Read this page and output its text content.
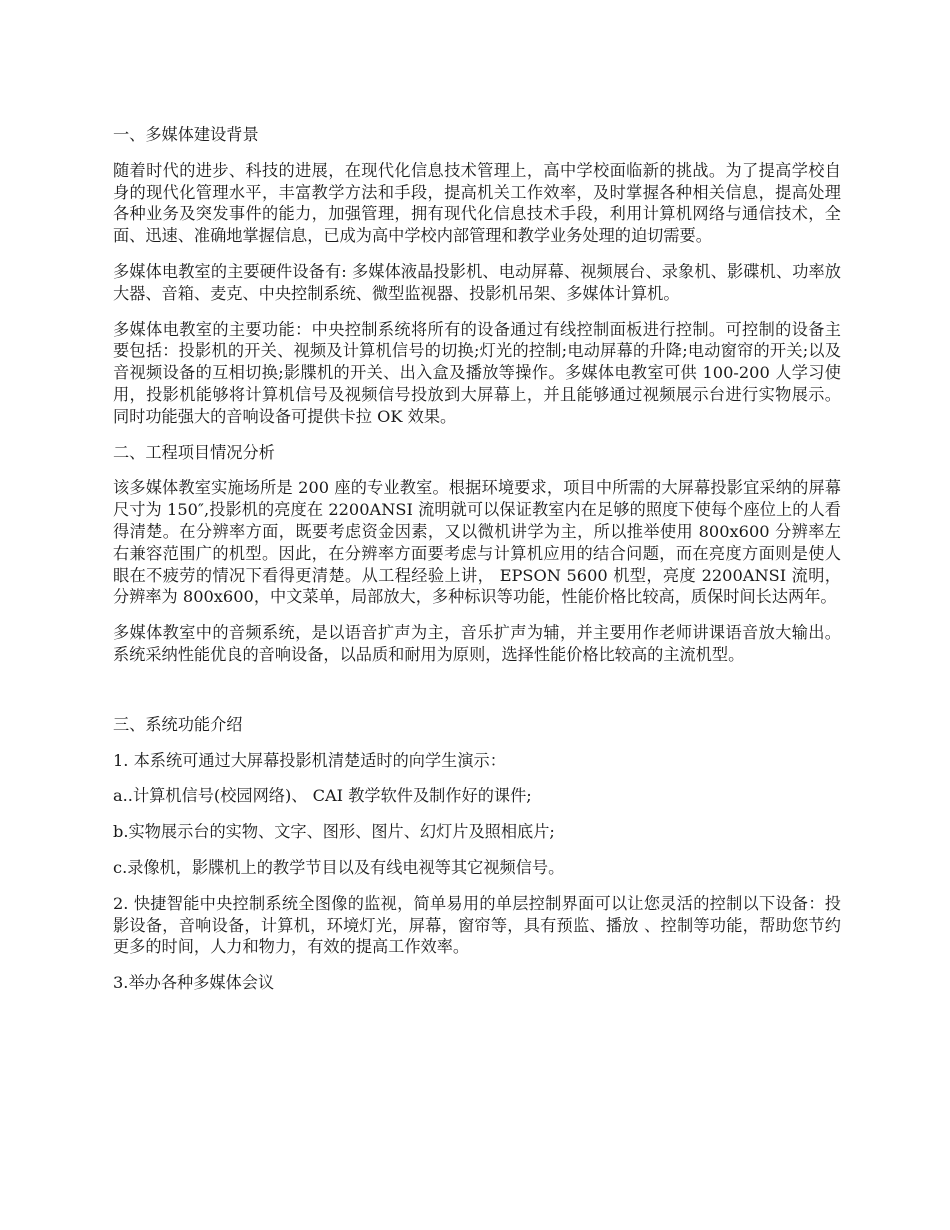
一、多媒体建设背景

随着时代的进步、科技的进展，在现代化信息技术管理上，高中学校面临新的挑战。为了提高学校自身的现代化管理水平，丰富教学方法和手段，提高机关工作效率，及时掌握各种相关信息，提高处理各种业务及突发事件的能力，加强管理，拥有现代化信息技术手段，利用计算机网络与通信技术，全面、迅速、准确地掌握信息，已成为高中学校内部管理和教学业务处理的迫切需要。

多媒体电教室的主要硬件设备有: 多媒体液晶投影机、电动屏幕、视频展台、录象机、影碟机、功率放大器、音箱、麦克、中央控制系统、微型监视器、投影机吊架、多媒体计算机。

多媒体电教室的主要功能：中央控制系统将所有的设备通过有线控制面板进行控制。可控制的设备主要包括：投影机的开关、视频及计算机信号的切换;灯光的控制;电动屏幕的升降;电动窗帘的开关;以及音视频设备的互相切换;影牒机的开关、出入盒及播放等操作。多媒体电教室可供 100-200 人学习使用，投影机能够将计算机信号及视频信号投放到大屏幕上，并且能够通过视频展示台进行实物展示。同时功能强大的音响设备可提供卡拉 OK 效果。

二、工程项目情况分析

该多媒体教室实施场所是 200 座的专业教室。根据环境要求，项目中所需的大屏幕投影宜采纳的屏幕尺寸为 150″,投影机的亮度在 2200ANSI 流明就可以保证教室内在足够的照度下使每个座位上的人看得清楚。在分辨率方面，既要考虑资金因素，又以微机讲学为主，所以推举使用 800x600 分辨率左右兼容范围广的机型。因此，在分辨率方面要考虑与计算机应用的结合问题，而在亮度方面则是使人眼在不疲劳的情况下看得更清楚。从工程经验上讲， EPSON 5600 机型，亮度 2200ANSI 流明，分辨率为 800x600，中文菜单，局部放大，多种标识等功能，性能价格比较高，质保时间长达两年。

多媒体教室中的音频系统，是以语音扩声为主，音乐扩声为辅，并主要用作老师讲课语音放大输出。系统采纳性能优良的音响设备，以品质和耐用为原则，选择性能价格比较高的主流机型。

三、系统功能介绍

1. 本系统可通过大屏幕投影机清楚适时的向学生演示：

a..计算机信号(校园网络)、 CAI 教学软件及制作好的课件;

b.实物展示台的实物、文字、图形、图片、幻灯片及照相底片;

c.录像机，影牒机上的教学节目以及有线电视等其它视频信号。

2. 快捷智能中央控制系统全图像的监视，简单易用的单层控制界面可以让您灵活的控制以下设备：投影设备，音响设备，计算机，环境灯光，屏幕，窗帘等，具有预监、播放 、控制等功能，帮助您节约更多的时间，人力和物力，有效的提高工作效率。

3.举办各种多媒体会议
